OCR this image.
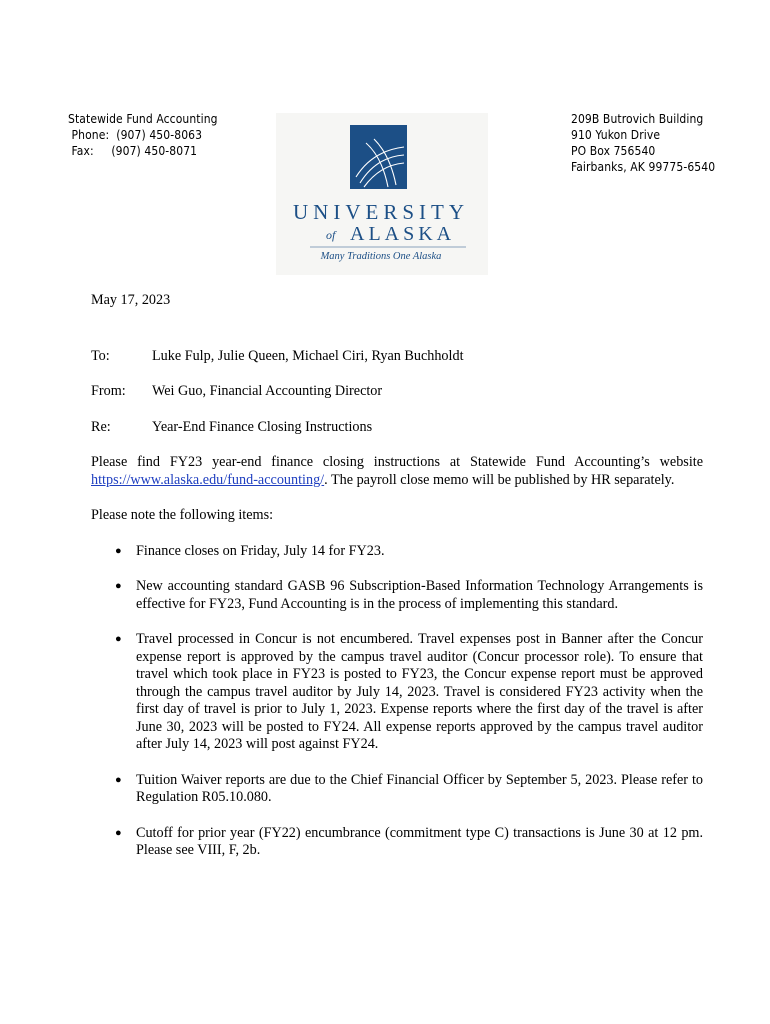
Statewide Fund Accounting
Phone: (907) 450-8063
Fax: (907) 450-8071
UNIVERSITY
of ALASKA
Many Traditions One Alaska
209B Butrovich Building
910 Yukon Drive
PO Box 756540
Fairbanks, AK 99775-6540

May 17, 2023

To:	Luke Fulp, Julie Queen, Michael Ciri, Ryan Buchholdt
From:	Wei Guo, Financial Accounting Director
Re:	Year-End Finance Closing Instructions

Please find FY23 year-end finance closing instructions at Statewide Fund Accounting’s website https://www.alaska.edu/fund-accounting/. The payroll close memo will be published by HR separately.

Please note the following items:

● Finance closes on Friday, July 14 for FY23.
● New accounting standard GASB 96 Subscription-Based Information Technology Arrangements is effective for FY23, Fund Accounting is in the process of implementing this standard.
● Travel processed in Concur is not encumbered. Travel expenses post in Banner after the Concur expense report is approved by the campus travel auditor (Concur processor role). To ensure that travel which took place in FY23 is posted to FY23, the Concur expense report must be approved through the campus travel auditor by July 14, 2023. Travel is considered FY23 activity when the first day of travel is prior to July 1, 2023. Expense reports where the first day of the travel is after June 30, 2023 will be posted to FY24. All expense reports approved by the campus travel auditor after July 14, 2023 will post against FY24.
● Tuition Waiver reports are due to the Chief Financial Officer by September 5, 2023. Please refer to Regulation R05.10.080.
● Cutoff for prior year (FY22) encumbrance (commitment type C) transactions is June 30 at 12 pm. Please see VIII, F, 2b.
